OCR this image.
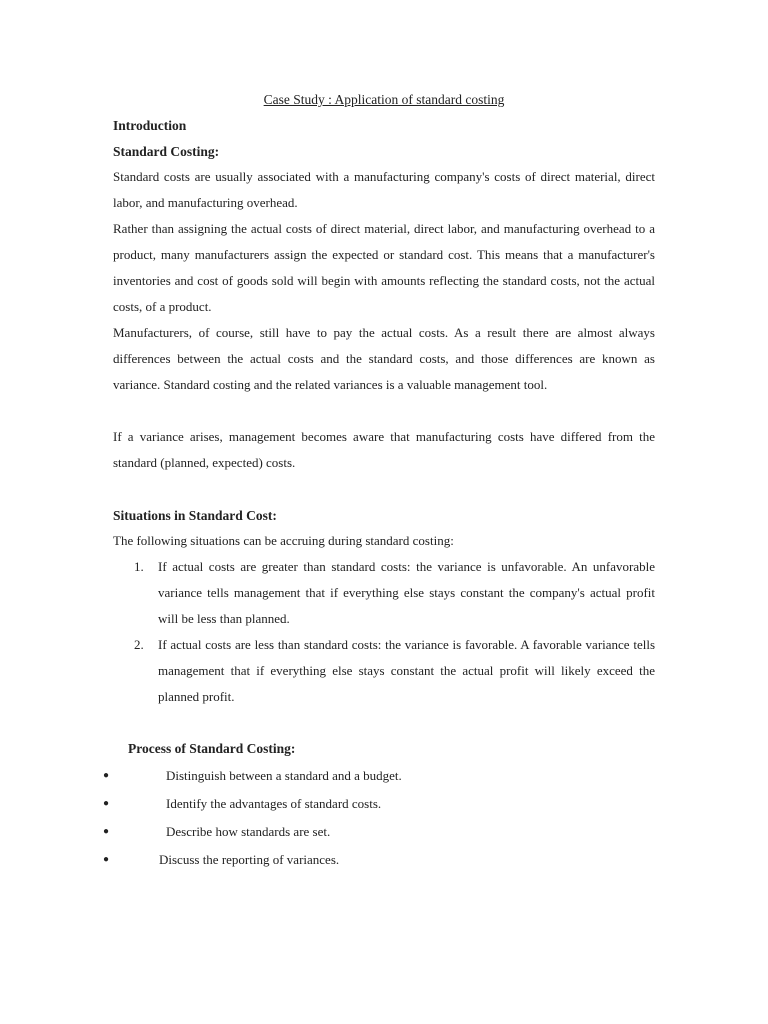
Case Study : Application of standard costing
Introduction
Standard Costing:

Standard costs are usually associated with a manufacturing company's costs of direct material, direct labor, and manufacturing overhead.

Rather than assigning the actual costs of direct material, direct labor, and manufacturing overhead to a product, many manufacturers assign the expected or standard cost. This means that a manufacturer's inventories and cost of goods sold will begin with amounts reflecting the standard costs, not the actual costs, of a product.

Manufacturers, of course, still have to pay the actual costs. As a result there are almost always differences between the actual costs and the standard costs, and those differences are known as variance. Standard costing and the related variances is a valuable management tool.

If a variance arises, management becomes aware that manufacturing costs have differed from the standard (planned, expected) costs.

Situations in Standard Cost:

The following situations can be accruing during standard costing:

1. If actual costs are greater than standard costs: the variance is unfavorable. An unfavorable variance tells management that if everything else stays constant the company's actual profit will be less than planned.

2. If actual costs are less than standard costs: the variance is favorable. A favorable variance tells management that if everything else stays constant the actual profit will likely exceed the planned profit.

Process of Standard Costing:
●	Distinguish between a standard and a budget.
●	Identify the advantages of standard costs.
●	Describe how standards are set.
●	Discuss the reporting of variances.
